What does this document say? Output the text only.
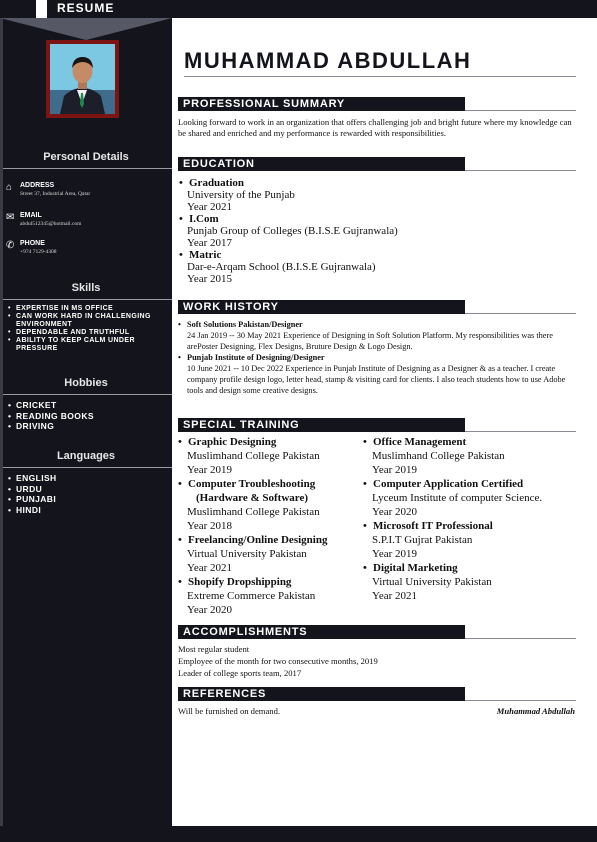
RESUME
Personal Details
⌂ ADDRESS
Street 37, Industrial Area, Qatar
✉ EMAIL
abdul512345@hotmail.com
✆ PHONE
+974 7129-4308
Skills
• EXPERTISE IN MS OFFICE
• CAN WORK HARD IN CHALLENGING ENVIRONMENT
• DEPENDABLE AND TRUTHFUL
• ABILITY TO KEEP CALM UNDER PRESSURE
Hobbies
• CRICKET
• READING BOOKS
• DRIVING
Languages
• ENGLISH
• URDU
• PUNJABI
• HINDI
MUHAMMAD ABDULLAH
PROFESSIONAL SUMMARY
Looking forward to work in an organization that offers challenging job and bright future where my knowledge can be shared and enriched and my performance is rewarded with responsibilities.
EDUCATION
• Graduation
University of the Punjab
Year 2021
• I.Com
Punjab Group of Colleges (B.I.S.E Gujranwala)
Year 2017
• Matric
Dar-e-Arqam School (B.I.S.E Gujranwala)
Year 2015
WORK HISTORY
• Soft Solutions Pakistan/Designer
24 Jan 2019 -- 30 May 2021 Experience of Designing in Soft Solution Platform. My responsibilities was there arePoster Designing, Flex Designs, Bruture Design & Logo Design.
• Punjab Institute of Designing/Designer
10 June 2021 -- 10 Dec 2022 Experience in Punjab Institute of Designing as a Designer & as a teacher. I create company profile design logo, letter head, stamp & visiting card for clients. I also teach students how to use Adobe tools and design some creative designs.
SPECIAL TRAINING
• Graphic Designing
Muslimhand College Pakistan
Year 2019
• Computer Troubleshooting
(Hardware & Software)
Muslimhand College Pakistan
Year 2018
• Freelancing/Online Designing
Virtual University Pakistan
Year 2021
• Shopify Dropshipping
Extreme Commerce Pakistan
Year 2020
• Office Management
Muslimhand College Pakistan
Year 2019
• Computer Application Certified
Lyceum Institute of computer Science.
Year 2020
• Microsoft IT Professional
S.P.I.T Gujrat Pakistan
Year 2019
• Digital Marketing
Virtual University Pakistan
Year 2021
ACCOMPLISHMENTS
Most regular student
Employee of the month for two consecutive months, 2019
Leader of college sports team, 2017
REFERENCES
Will be furnished on demand.	Muhammad Abdullah
